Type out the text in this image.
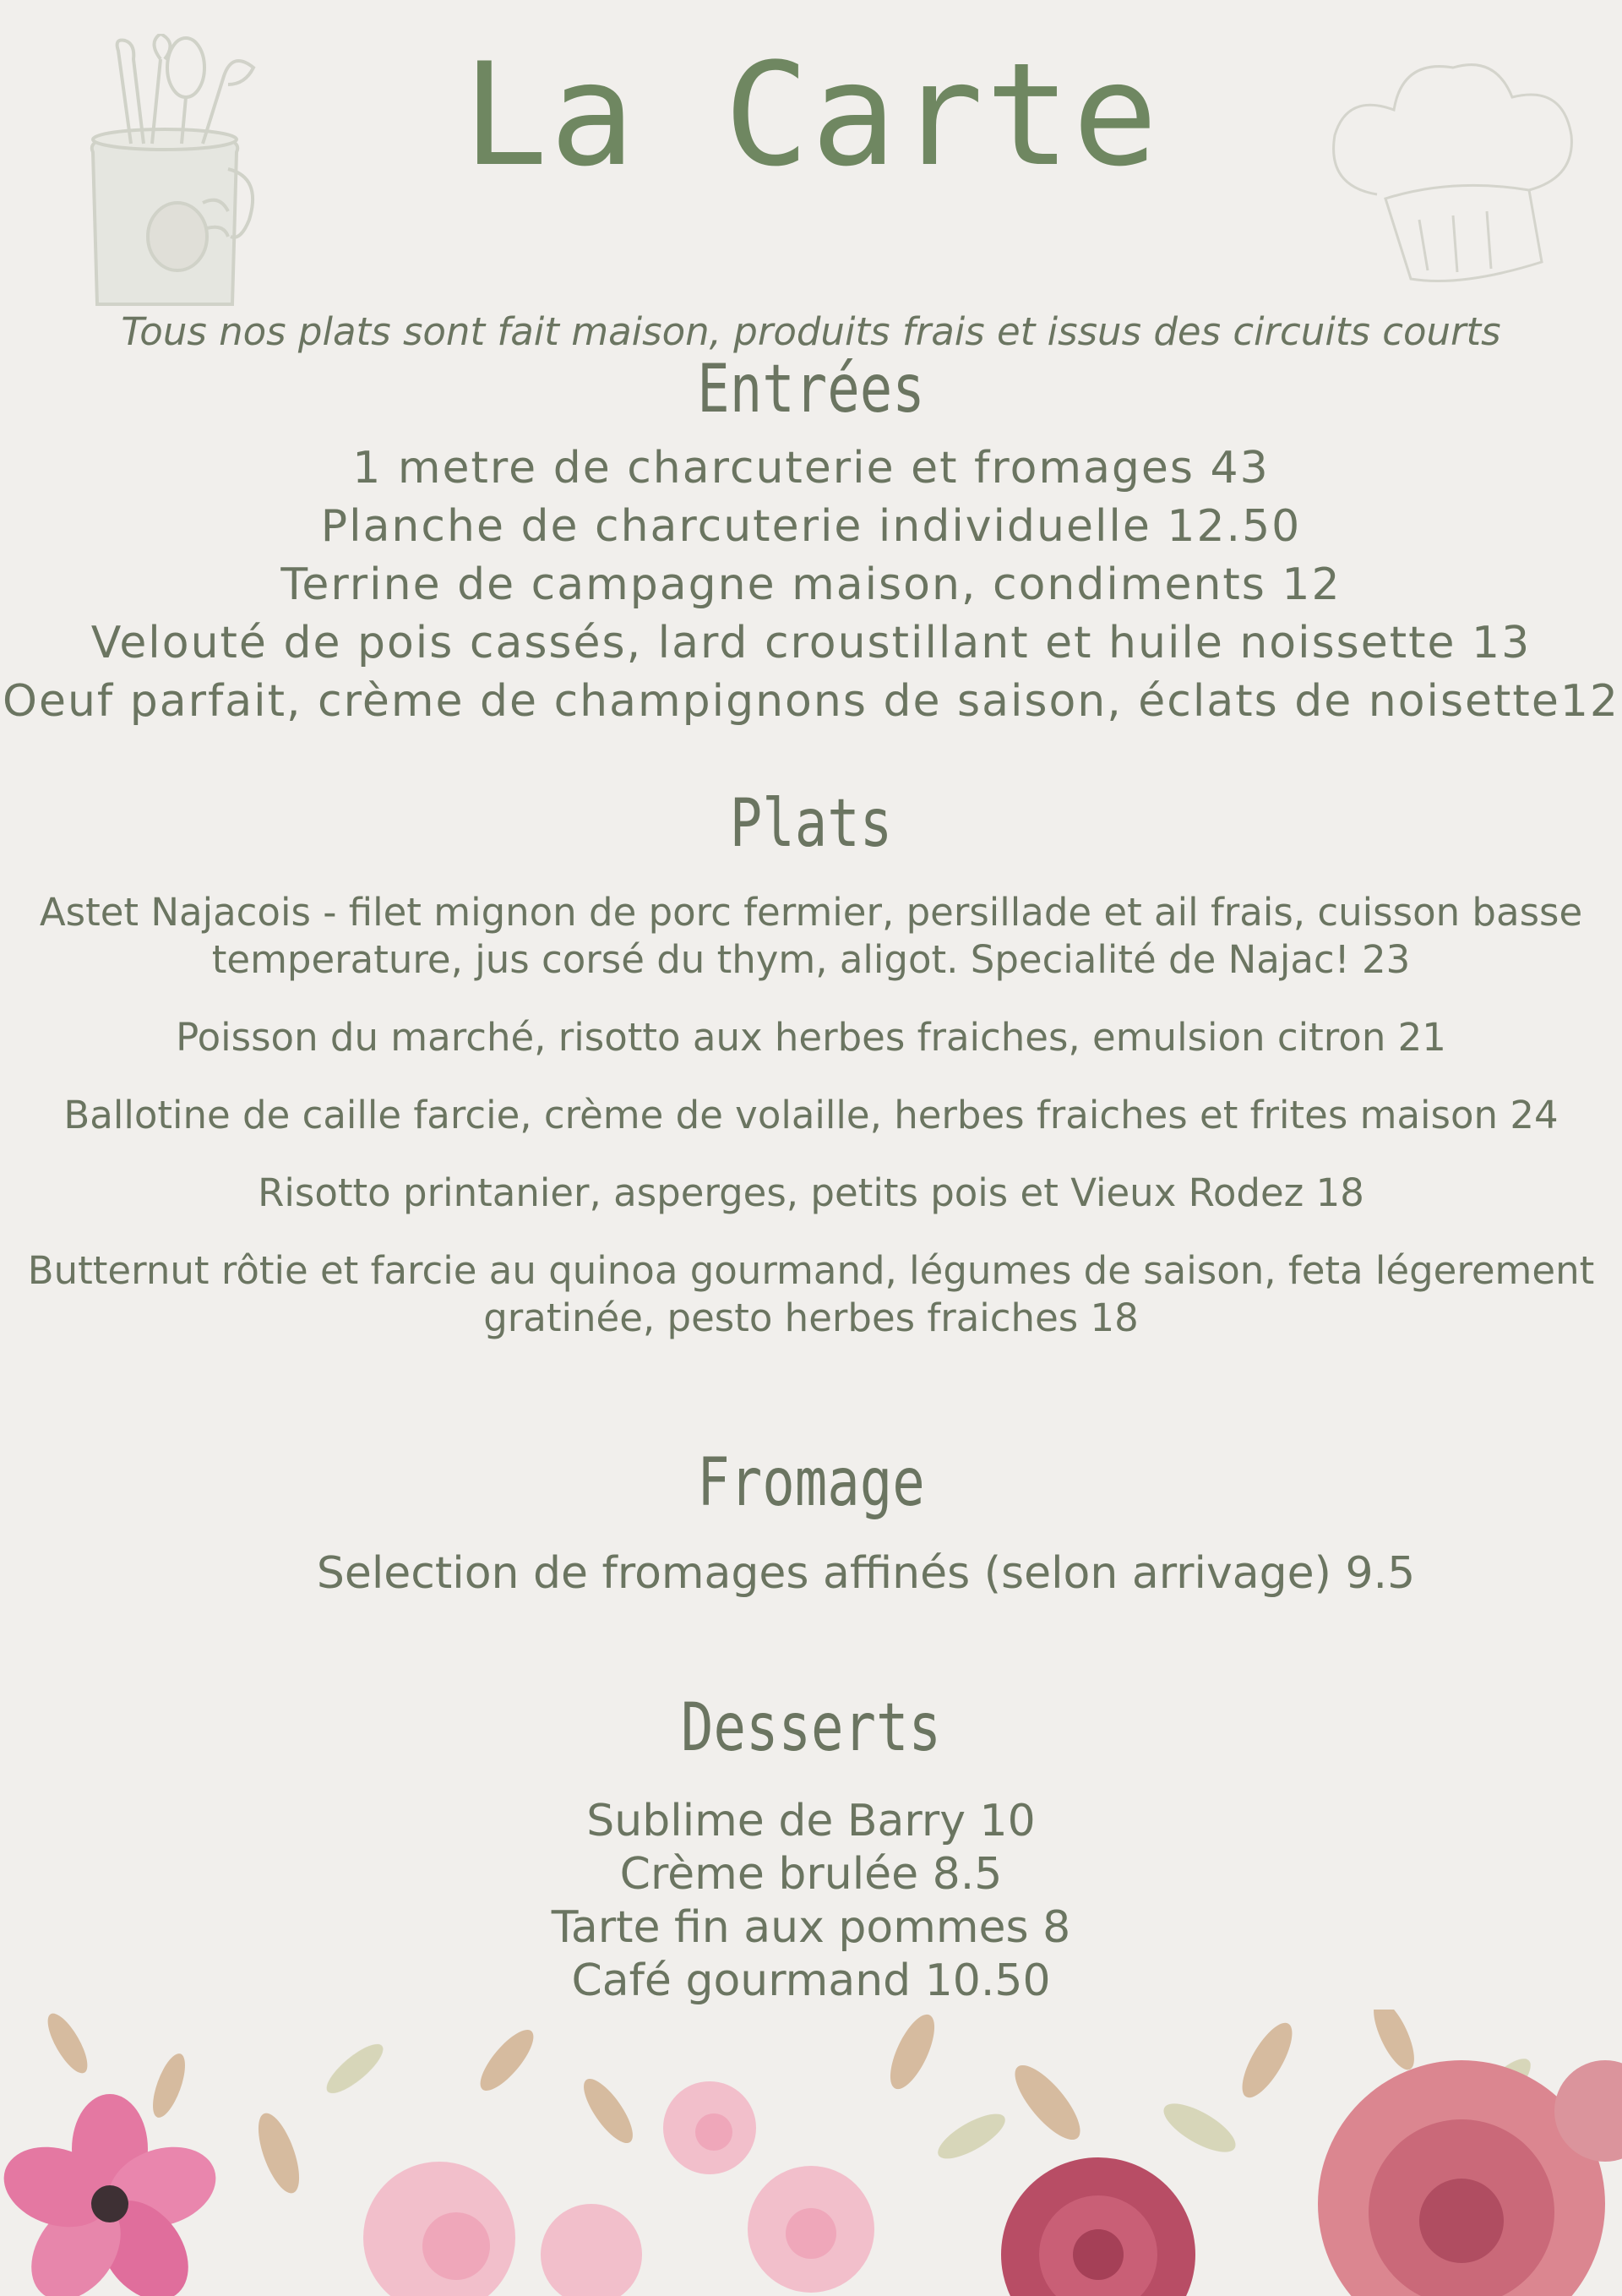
La Carte
Tous nos plats sont fait maison, produits frais et issus des circuits courts
Entrées
1 metre de charcuterie et fromages 43
Planche de charcuterie individuelle 12.50
Terrine de campagne maison, condiments 12
Velouté de pois cassés, lard croustillant et huile noissette 13
Oeuf parfait, crème de champignons de saison, éclats de noisette12
Plats
Astet Najacois - filet mignon de porc fermier, persillade et ail frais, cuisson basse temperature, jus corsé du thym, aligot. Specialité de Najac! 23
Poisson du marché, risotto aux herbes fraiches, emulsion citron 21
Ballotine de caille farcie, crème de volaille, herbes fraiches et frites maison 24
Risotto printanier, asperges, petits pois et Vieux Rodez 18
Butternut rôtie et farcie au quinoa gourmand, légumes de saison, feta légerement gratinée, pesto herbes fraiches 18
Fromage
Selection de fromages affinés (selon arrivage) 9.5
Desserts
Sublime de Barry 10
Crème brulée 8.5
Tarte fin aux pommes 8
Café gourmand 10.50
